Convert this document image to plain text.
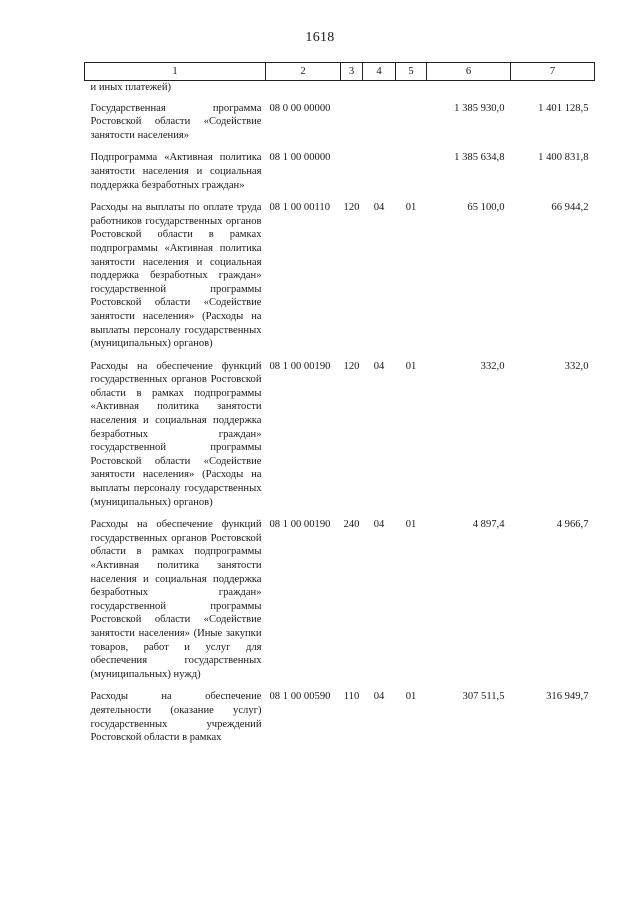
1618
1	2	3	4	5	6	7
и иных платежей)						
Государственная программа Ростовской области «Содействие занятости населения»	08 0 00 00000				1 385 930,0	1 401 128,5
Подпрограмма «Активная политика занятости населения и социальная поддержка безработных граждан»	08 1 00 00000				1 385 634,8	1 400 831,8
Расходы на выплаты по оплате труда работников государственных органов Ростовской области в рамках подпрограммы «Активная политика занятости населения и социальная поддержка безработных граждан» государственной программы Ростовской области «Содействие занятости населения» (Расходы на выплаты персоналу государственных (муниципальных) органов)	08 1 00 00110	120	04	01	65 100,0	66 944,2
Расходы на обеспечение функций государственных органов Ростовской области в рамках подпрограммы «Активная политика занятости населения и социальная поддержка безработных граждан» государственной программы Ростовской области «Содействие занятости населения» (Расходы на выплаты персоналу государственных (муниципальных) органов)	08 1 00 00190	120	04	01	332,0	332,0
Расходы на обеспечение функций государственных органов Ростовской области в рамках подпрограммы «Активная политика занятости населения и социальная поддержка безработных граждан» государственной программы Ростовской области «Содействие занятости населения» (Иные закупки товаров, работ и услуг для обеспечения государственных (муниципальных) нужд)	08 1 00 00190	240	04	01	4 897,4	4 966,7
Расходы на обеспечение деятельности (оказание услуг) государственных учреждений Ростовской области в рамках	08 1 00 00590	110	04	01	307 511,5	316 949,7
